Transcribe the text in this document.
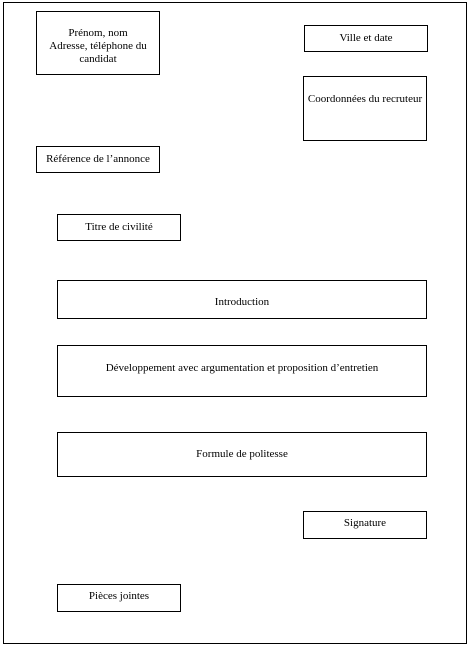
Prénom, nom
Adresse, téléphone du candidat
Ville et date
Coordonnées du recruteur
Référence de l’annonce
Titre de civilité
Introduction
Développement avec argumentation et proposition d’entretien
Formule de politesse
Signature
Pièces jointes
